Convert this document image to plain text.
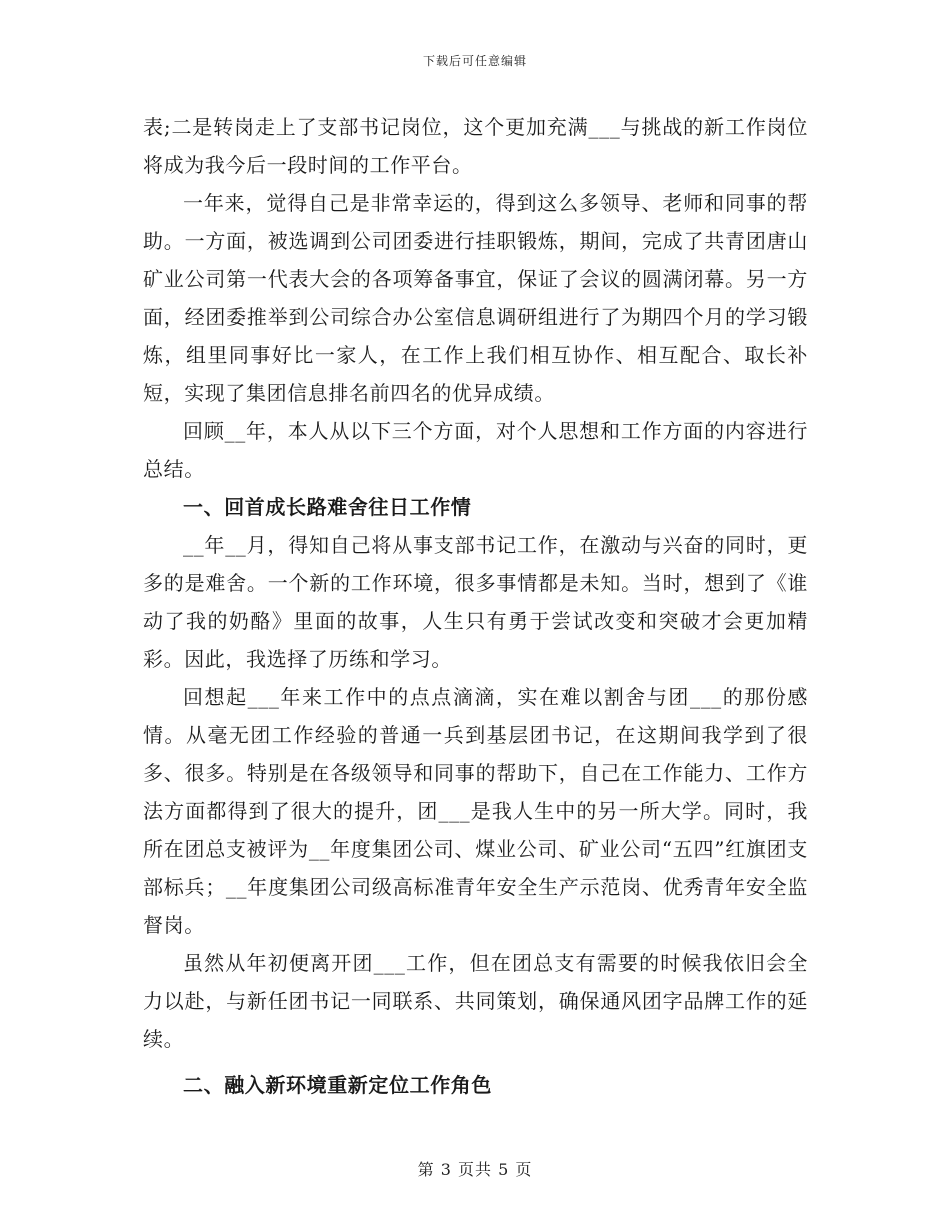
下载后可任意编辑

表;二是转岗走上了支部书记岗位，这个更加充满___与挑战的新工作岗位将成为我今后一段时间的工作平台。

一年来，觉得自己是非常幸运的，得到这么多领导、老师和同事的帮助。一方面，被选调到公司团委进行挂职锻炼，期间，完成了共青团唐山矿业公司第一代表大会的各项筹备事宜，保证了会议的圆满闭幕。另一方面，经团委推举到公司综合办公室信息调研组进行了为期四个月的学习锻炼，组里同事好比一家人，在工作上我们相互协作、相互配合、取长补短，实现了集团信息排名前四名的优异成绩。

回顾__年，本人从以下三个方面，对个人思想和工作方面的内容进行总结。

一、回首成长路难舍往日工作情

__年__月，得知自己将从事支部书记工作，在激动与兴奋的同时，更多的是难舍。一个新的工作环境，很多事情都是未知。当时，想到了《谁动了我的奶酪》里面的故事，人生只有勇于尝试改变和突破才会更加精彩。因此，我选择了历练和学习。

回想起___年来工作中的点点滴滴，实在难以割舍与团___的那份感情。从毫无团工作经验的普通一兵到基层团书记，在这期间我学到了很多、很多。特别是在各级领导和同事的帮助下，自己在工作能力、工作方法方面都得到了很大的提升，团___是我人生中的另一所大学。同时，我所在团总支被评为__年度集团公司、煤业公司、矿业公司“五四”红旗团支部标兵；__年度集团公司级高标准青年安全生产示范岗、优秀青年安全监督岗。

虽然从年初便离开团___工作，但在团总支有需要的时候我依旧会全力以赴，与新任团书记一同联系、共同策划，确保通风团字品牌工作的延续。

二、融入新环境重新定位工作角色

第 3 页共 5 页
